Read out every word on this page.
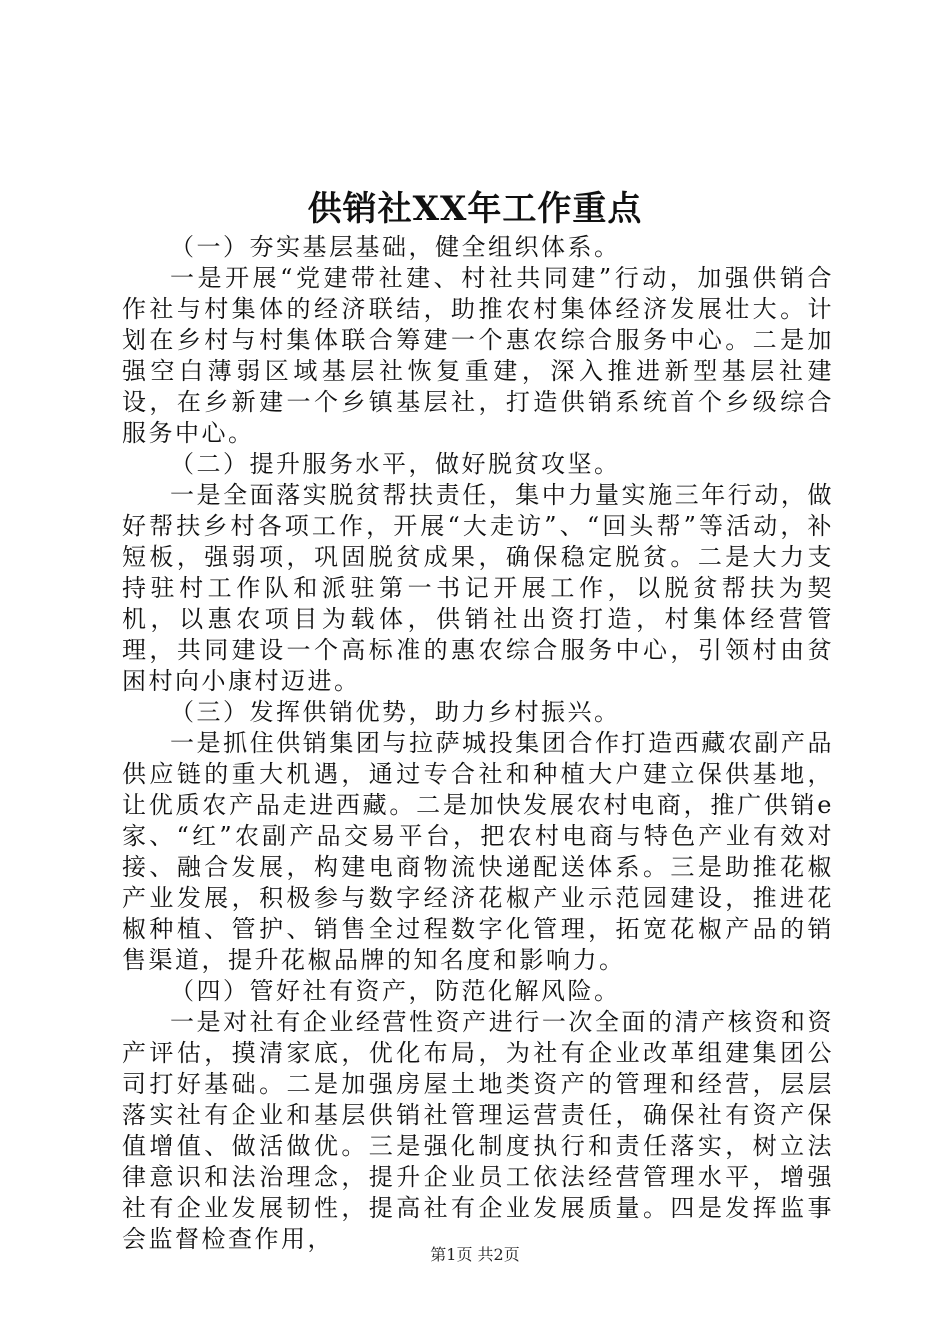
供销社XX年工作重点

（一）夯实基层基础，健全组织体系。

一是开展“党建带社建、村社共同建”行动，加强供销合作社与村集体的经济联结，助推农村集体经济发展壮大。计划在乡村与村集体联合筹建一个惠农综合服务中心。二是加强空白薄弱区域基层社恢复重建，深入推进新型基层社建设，在乡新建一个乡镇基层社，打造供销系统首个乡级综合服务中心。

（二）提升服务水平，做好脱贫攻坚。

一是全面落实脱贫帮扶责任，集中力量实施三年行动，做好帮扶乡村各项工作，开展“大走访”、“回头帮”等活动，补短板，强弱项，巩固脱贫成果，确保稳定脱贫。二是大力支持驻村工作队和派驻第一书记开展工作，以脱贫帮扶为契机，以惠农项目为载体，供销社出资打造，村集体经营管理，共同建设一个高标准的惠农综合服务中心，引领村由贫困村向小康村迈进。

（三）发挥供销优势，助力乡村振兴。

一是抓住供销集团与拉萨城投集团合作打造西藏农副产品供应链的重大机遇，通过专合社和种植大户建立保供基地，让优质农产品走进西藏。二是加快发展农村电商，推广供销e家、“红”农副产品交易平台，把农村电商与特色产业有效对接、融合发展，构建电商物流快递配送体系。三是助推花椒产业发展，积极参与数字经济花椒产业示范园建设，推进花椒种植、管护、销售全过程数字化管理，拓宽花椒产品的销售渠道，提升花椒品牌的知名度和影响力。

（四）管好社有资产，防范化解风险。

一是对社有企业经营性资产进行一次全面的清产核资和资产评估，摸清家底，优化布局，为社有企业改革组建集团公司打好基础。二是加强房屋土地类资产的管理和经营，层层落实社有企业和基层供销社管理运营责任，确保社有资产保值增值、做活做优。三是强化制度执行和责任落实，树立法律意识和法治理念，提升企业员工依法经营管理水平，增强社有企业发展韧性，提高社有企业发展质量。四是发挥监事会监督检查作用，

第1页 共2页
